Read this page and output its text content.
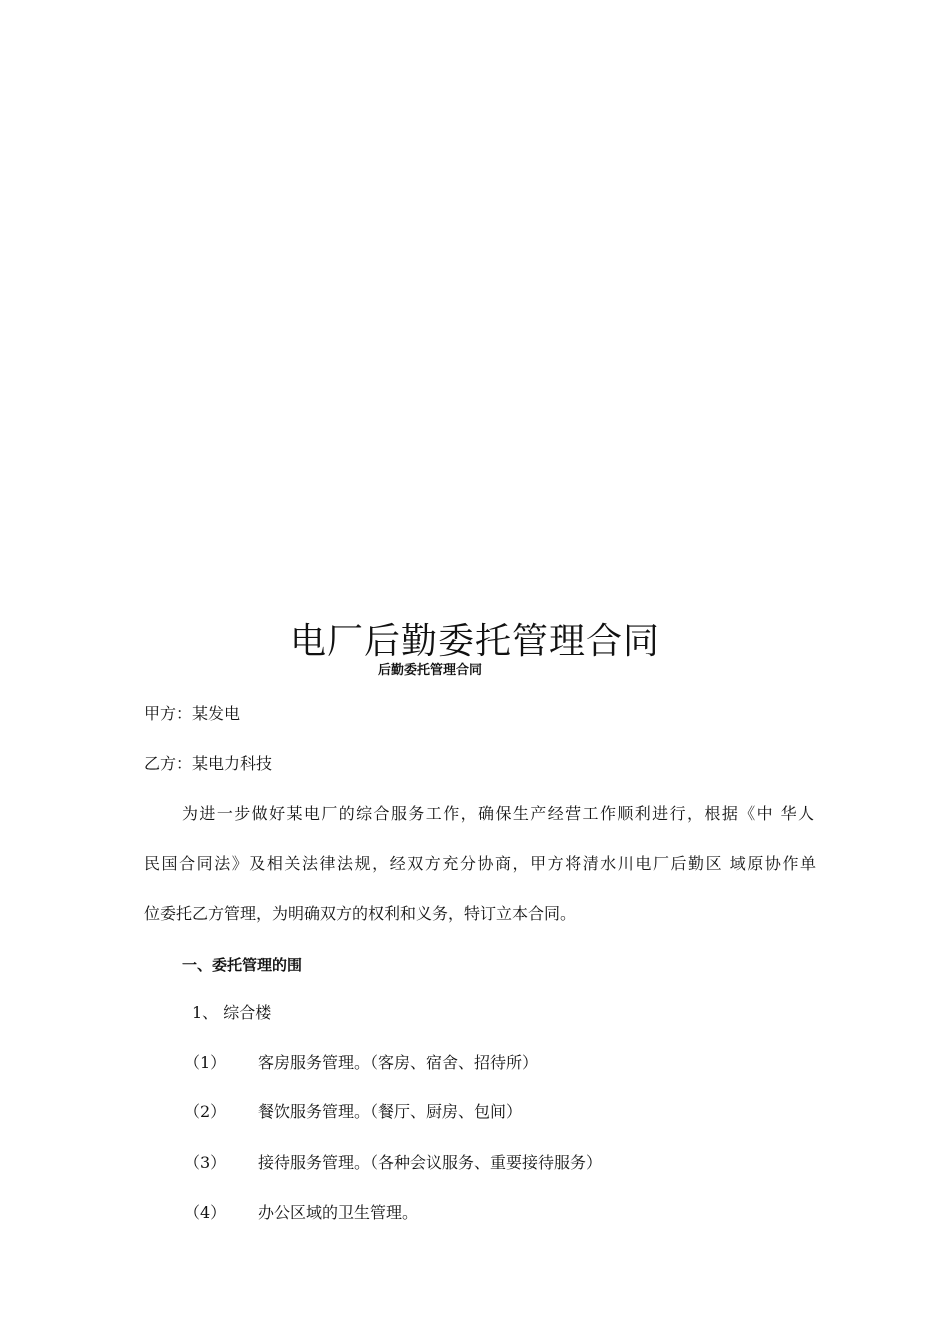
电厂后勤委托管理合同
后勤委托管理合同
甲方：某发电
乙方：某电力科技
为进一步做好某电厂的综合服务工作，确保生产经营工作顺利进行，根据《中 华人
民国合同法》及相关法律法规，经双方充分协商，甲方将清水川电厂后勤区 域原协作单
位委托乙方管理，为明确双方的权利和义务，特订立本合同。
一、委托管理的围
1、 综合楼
（1） 客房服务管理。（客房、宿舍、招待所）
（2） 餐饮服务管理。（餐厅、厨房、包间）
（3） 接待服务管理。（各种会议服务、重要接待服务）
（4） 办公区域的卫生管理。
